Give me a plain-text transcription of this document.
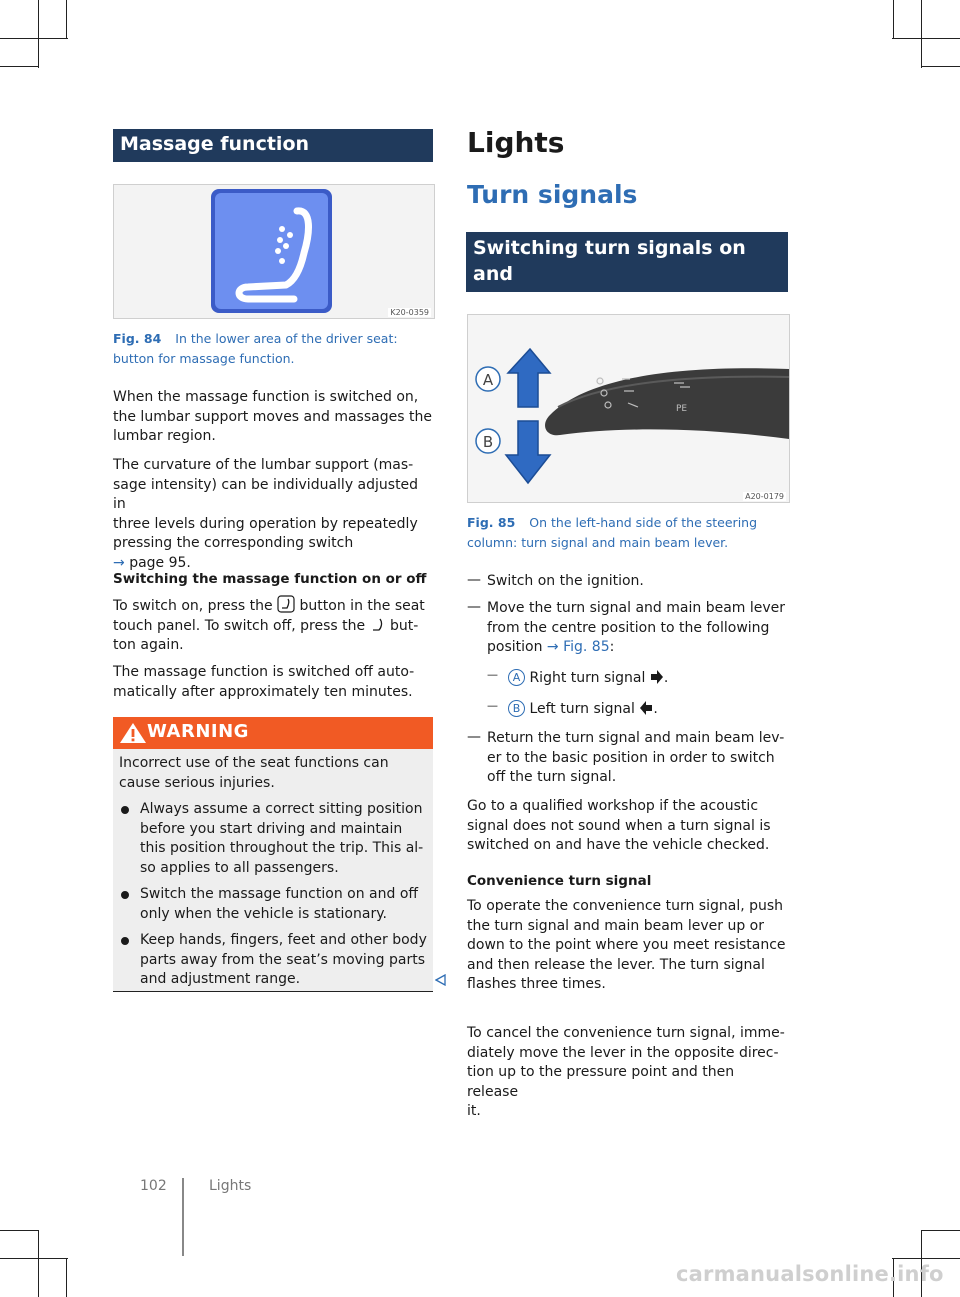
Massage function
K20-0359

Fig. 84 In the lower area of the driver seat:

button for massage function.

When the massage function is switched on,

the lumbar support moves and massages the

lumbar region.

The curvature of the lumbar support (mas-

sage intensity) can be individually adjusted in

three levels during operation by repeatedly

pressing the corresponding switch

→ page 95.

Switching the massage function on or off

To switch on, press the button in the seat

touch panel. To switch off, press the but-

ton again.

The massage function is switched off auto-

matically after approximately ten minutes.

WARNING

Incorrect use of the seat functions can

cause serious injuries.

Always assume a correct sitting position

before you start driving and maintain

this position throughout the trip. This al-

so applies to all passengers.

Switch the massage function on and off

only when the vehicle is stationary.

Keep hands, fingers, feet and other body

parts away from the seat’s moving parts

and adjustment range.

Lights
Turn signals
Switching turn signals on and
off
PE
A
B
A20-0179

Fig. 85 On the left-hand side of the steering

column: turn signal and main beam lever.

— Switch on the ignition.

— Move the turn signal and main beam lever

from the centre position to the following

position → Fig. 85:

—	A Right turn signal .

—	B Left turn signal .

— Return the turn signal and main beam lev-

er to the basic position in order to switch

off the turn signal.

Go to a qualified workshop if the acoustic

signal does not sound when a turn signal is

switched on and have the vehicle checked.

Convenience turn signal

To operate the convenience turn signal, push

the turn signal and main beam lever up or

down to the point where you meet resistance

and then release the lever. The turn signal

flashes three times.

To cancel the convenience turn signal, imme-

diately move the lever in the opposite direc-

tion up to the pressure point and then release

it.

102	Lights
carmanualsonline.info
